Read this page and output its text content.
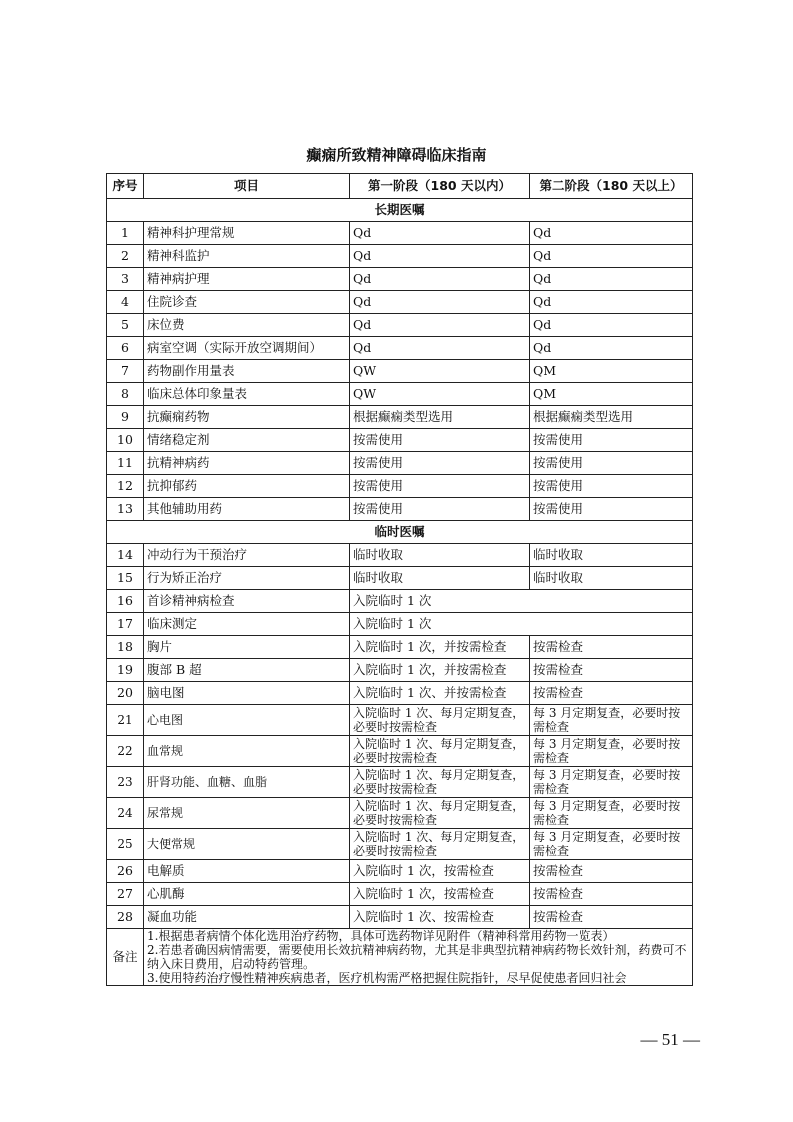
癫痫所致精神障碍临床指南
序号	项目	第一阶段（180 天以内）	第二阶段（180 天以上）
长期医嘱			
1	精神科护理常规	Qd	Qd
2	精神科监护	Qd	Qd
3	精神病护理	Qd	Qd
4	住院诊查	Qd	Qd
5	床位费	Qd	Qd
6	病室空调（实际开放空调期间）	Qd	Qd
7	药物副作用量表	QW	QM
8	临床总体印象量表	QW	QM
9	抗癫痫药物	根据癫痫类型选用	根据癫痫类型选用
10	情绪稳定剂	按需使用	按需使用
11	抗精神病药	按需使用	按需使用
12	抗抑郁药	按需使用	按需使用
13	其他辅助用药	按需使用	按需使用
临时医嘱			
14	冲动行为干预治疗	临时收取	临时收取
15	行为矫正治疗	临时收取	临时收取
16	首诊精神病检查	入院临时 1 次	
17	临床测定	入院临时 1 次	
18	胸片	入院临时 1 次，并按需检查	按需检查
19	腹部 B 超	入院临时 1 次，并按需检查	按需检查
20	脑电图	入院临时 1 次、并按需检查	按需检查
21	心电图	入院临时 1 次、每月定期复查，必要时按需检查	每 3 月定期复查，必要时按需检查
22	血常规	入院临时 1 次、每月定期复查，必要时按需检查	每 3 月定期复查，必要时按需检查
23	肝肾功能、血糖、血脂	入院临时 1 次、每月定期复查，必要时按需检查	每 3 月定期复查，必要时按需检查
24	尿常规	入院临时 1 次、每月定期复查，必要时按需检查	每 3 月定期复查，必要时按需检查
25	大便常规	入院临时 1 次、每月定期复查，必要时按需检查	每 3 月定期复查，必要时按需检查
26	电解质	入院临时 1 次，按需检查	按需检查
27	心肌酶	入院临时 1 次，按需检查	按需检查
28	凝血功能	入院临时 1 次、按需检查	按需检查
备注	1.根据患者病情个体化选用治疗药物，具体可选药物详见附件（精神科常用药物一览表）
2.若患者确因病情需要，需要使用长效抗精神病药物，尤其是非典型抗精神病药物长效针剂，药费可不纳入床日费用，启动特药管理。
3.使用特药治疗慢性精神疾病患者，医疗机构需严格把握住院指针，尽早促使患者回归社会		
— 51 —
